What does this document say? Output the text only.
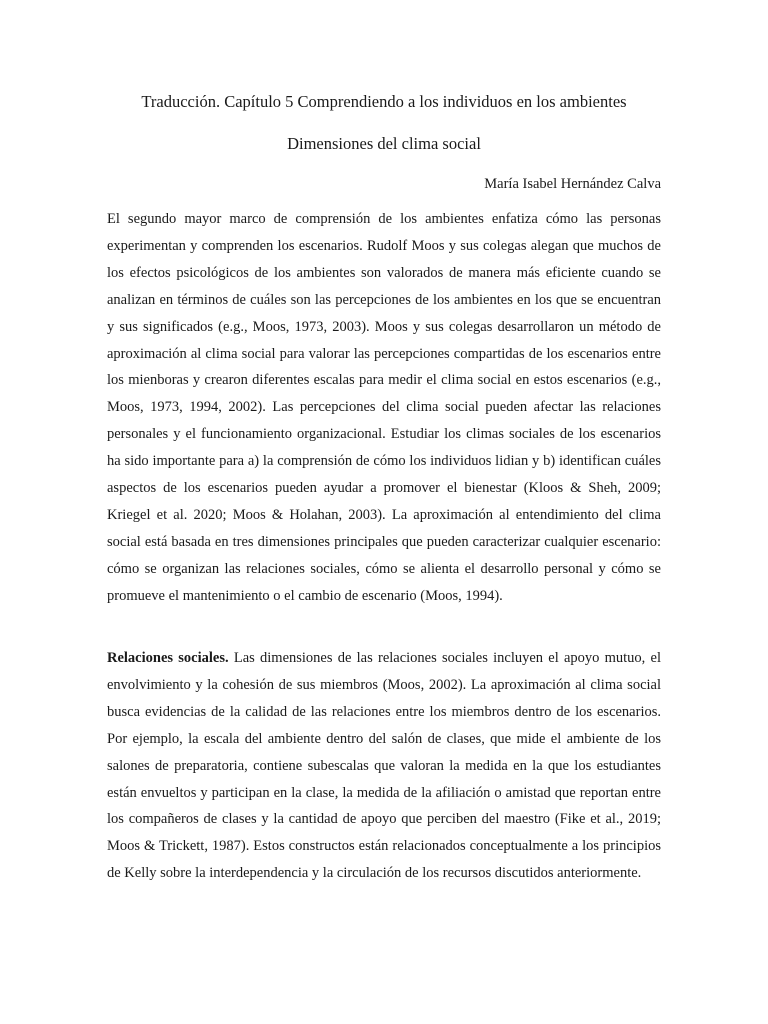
Traducción. Capítulo 5 Comprendiendo a los individuos en los ambientes
Dimensiones del clima social

María Isabel Hernández Calva

El segundo mayor marco de comprensión de los ambientes enfatiza cómo las personas experimentan y comprenden los escenarios. Rudolf Moos y sus colegas alegan que muchos de los efectos psicológicos de los ambientes son valorados de manera más eficiente cuando se analizan en términos de cuáles son las percepciones de los ambientes en los que se encuentran y sus significados (e.g., Moos, 1973, 2003). Moos y sus colegas desarrollaron un método de aproximación al clima social para valorar las percepciones compartidas de los escenarios entre los mienboras y crearon diferentes escalas para medir el clima social en estos escenarios (e.g., Moos, 1973, 1994, 2002). Las percepciones del clima social pueden afectar las relaciones personales y el funcionamiento organizacional. Estudiar los climas sociales de los escenarios ha sido importante para a) la comprensión de cómo los individuos lidian y b) identifican cuáles aspectos de los escenarios pueden ayudar a promover el bienestar (Kloos & Sheh, 2009; Kriegel et al. 2020; Moos & Holahan, 2003). La aproximación al entendimiento del clima social está basada en tres dimensiones principales que pueden caracterizar cualquier escenario: cómo se organizan las relaciones sociales, cómo se alienta el desarrollo personal y cómo se promueve el mantenimiento o el cambio de escenario (Moos, 1994).

Relaciones sociales. Las dimensiones de las relaciones sociales incluyen el apoyo mutuo, el envolvimiento y la cohesión de sus miembros (Moos, 2002). La aproximación al clima social busca evidencias de la calidad de las relaciones entre los miembros dentro de los escenarios. Por ejemplo, la escala del ambiente dentro del salón de clases, que mide el ambiente de los salones de preparatoria, contiene subescalas que valoran la medida en la que los estudiantes están envueltos y participan en la clase, la medida de la afiliación o amistad que reportan entre los compañeros de clases y la cantidad de apoyo que perciben del maestro (Fike et al., 2019; Moos & Trickett, 1987). Estos constructos están relacionados conceptualmente a los principios de Kelly sobre la interdependencia y la circulación de los recursos discutidos anteriormente.
